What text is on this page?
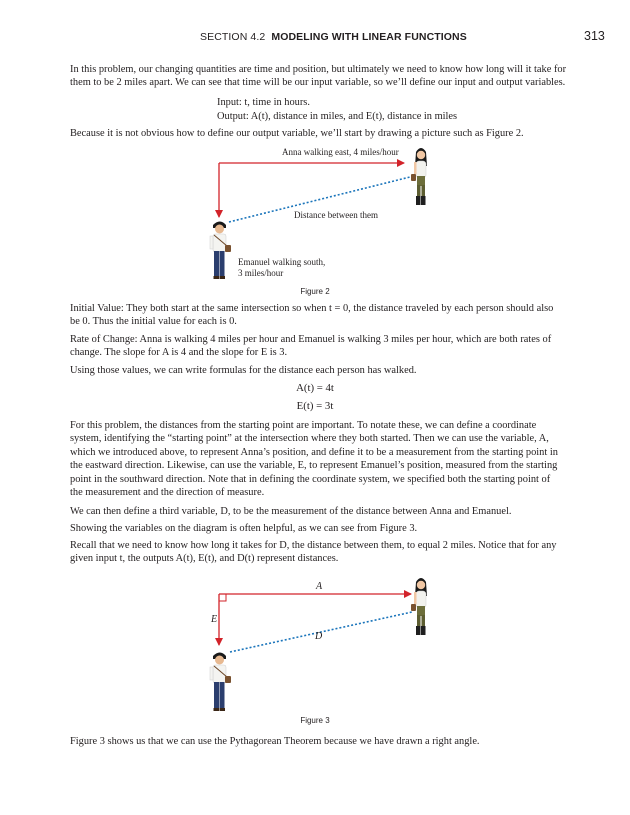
SECTION 4.2 MODELING WITH LINEAR FUNCTIONS	313
In this problem, our changing quantities are time and position, but ultimately we need to know how long will it take for
them to be 2 miles apart. We can see that time will be our input variable, so we’ll define our input and output variables.
Input: t, time in hours.
Output: A(t), distance in miles, and E(t), distance in miles
Because it is not obvious how to define our output variable, we’ll start by drawing a picture such as Figure 2.
Anna walking east, 4 miles/hour
Distance between them
Emanuel walking south,
3 miles/hour
Figure 2
Initial Value: They both start at the same intersection so when t = 0, the distance traveled by each person should also
be 0. Thus the initial value for each is 0.
Rate of Change: Anna is walking 4 miles per hour and Emanuel is walking 3 miles per hour, which are both rates of
change. The slope for A is 4 and the slope for E is 3.
Using those values, we can write formulas for the distance each person has walked.
A(t) = 4t
E(t) = 3t
For this problem, the distances from the starting point are important. To notate these, we can define a coordinate
system, identifying the “starting point” at the intersection where they both started. Then we can use the variable, A,
which we introduced above, to represent Anna’s position, and define it to be a measurement from the starting point in
the eastward direction. Likewise, can use the variable, E, to represent Emanuel’s position, measured from the starting
point in the southward direction. Note that in defining the coordinate system, we specified both the starting point of
the measurement and the direction of measure.
We can then define a third variable, D, to be the measurement of the distance between Anna and Emanuel.
Showing the variables on the diagram is often helpful, as we can see from Figure 3.
Recall that we need to know how long it takes for D, the distance between them, to equal 2 miles. Notice that for any
given input t, the outputs A(t), E(t), and D(t) represent distances.
A
E
D
Figure 3
Figure 3 shows us that we can use the Pythagorean Theorem because we have drawn a right angle.
